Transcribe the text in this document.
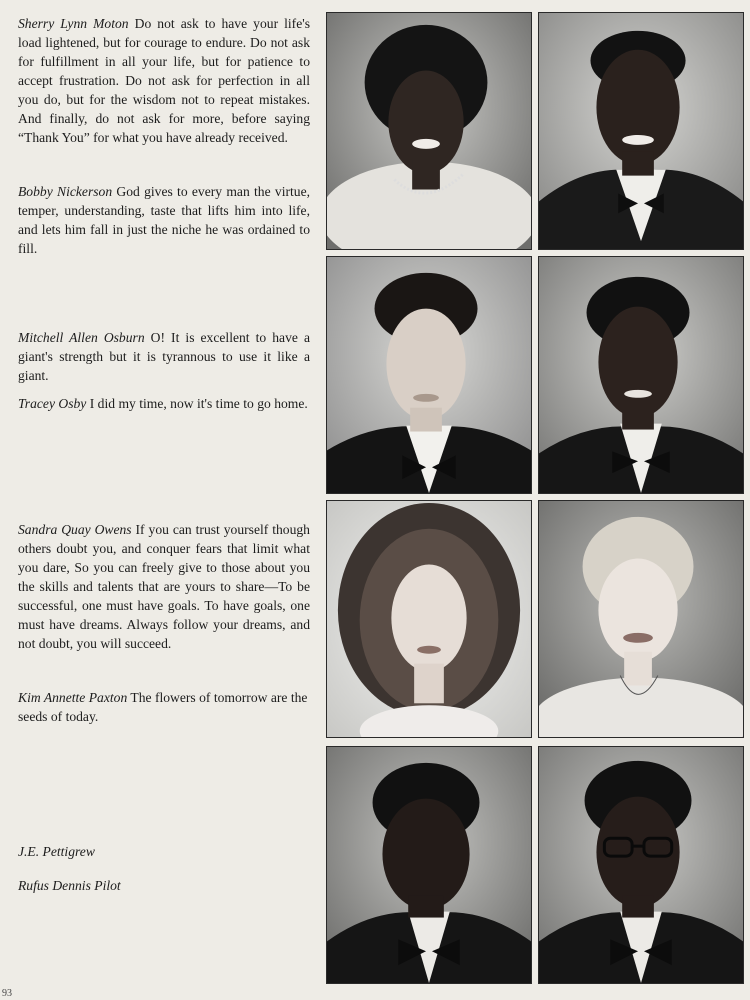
Sherry Lynn Moton Do not ask to have your life's load lightened, but for courage to endure. Do not ask for fulfillment in all your life, but for patience to accept frustration. Do not ask for perfection in all you do, but for the wisdom not to repeat mistakes. And finally, do not ask for more, before saying “Thank You” for what you have already received.

Bobby Nickerson God gives to every man the virtue, temper, understanding, taste that lifts him into life, and lets him fall in just the niche he was ordained to fill.

Mitchell Allen Osburn O! It is excellent to have a giant's strength but it is tyrannous to use it like a giant.

Tracey Osby I did my time, now it's time to go home.

Sandra Quay Owens If you can trust yourself though others doubt you, and conquer fears that limit what you dare, So you can freely give to those about you the skills and talents that are yours to share—To be successful, one must have goals. To have goals, one must have dreams. Always follow your dreams, and not doubt, you will succeed.

Kim Annette Paxton The flowers of tomorrow are the seeds of today.

J.E. Pettigrew

Rufus Dennis Pilot

93
